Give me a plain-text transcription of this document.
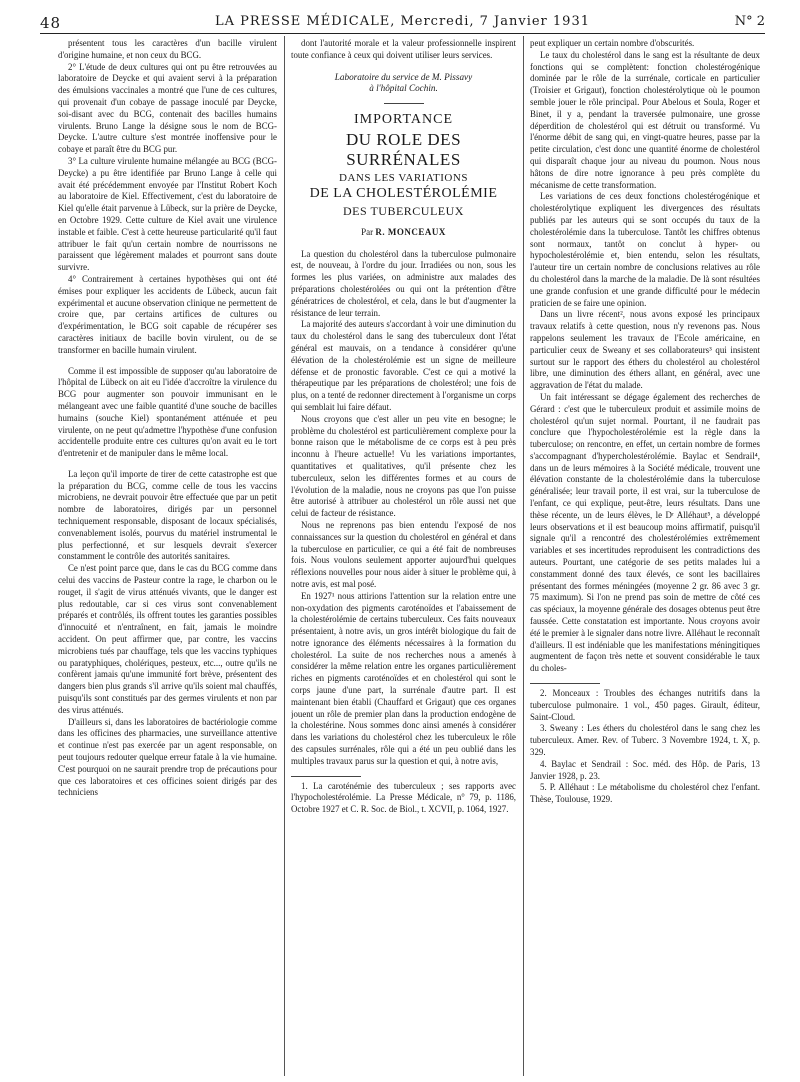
48	LA PRESSE MÉDICALE, Mercredi, 7 Janvier 1931	N° 2

présentent tous les caractères d'un bacille virulent d'origine humaine, et non ceux du BCG.

2° L'étude de deux cultures qui ont pu être retrouvées au laboratoire de Deycke et qui avaient servi à la préparation des émulsions vaccinales a montré que l'une de ces cultures, qui provenait d'un cobaye de passage inoculé par Deycke, soi-disant avec du BCG, contenait des bacilles humains virulents. Bruno Lange la désigne sous le nom de BCG-Deycke. L'autre culture s'est montrée inoffensive pour le cobaye et paraît être du BCG pur.

3° La culture virulente humaine mélangée au BCG (BCG-Deycke) a pu être identifiée par Bruno Lange à celle qui avait été précédemment envoyée par l'Institut Robert Koch au laboratoire de Kiel. Effectivement, c'est du laboratoire de Kiel qu'elle était parvenue à Lübeck, sur la prière de Deycke, en Octobre 1929. Cette culture de Kiel avait une virulence instable et faible. C'est à cette heureuse particularité qu'il faut attribuer le fait qu'un certain nombre de nourrissons ne paraissent que légèrement malades et pourront sans doute survivre.

4° Contrairement à certaines hypothèses qui ont été émises pour expliquer les accidents de Lübeck, aucun fait expérimental et aucune observation clinique ne permettent de croire que, par certains artifices de cultures ou d'expérimentation, le BCG soit capable de récupérer ses caractères initiaux de bacille bovin virulent, ou de se transformer en bacille humain virulent.

Comme il est impossible de supposer qu'au laboratoire de l'hôpital de Lübeck on ait eu l'idée d'accroître la virulence du BCG pour augmenter son pouvoir immunisant en le mélangeant avec une faible quantité d'une souche de bacilles humains (souche Kiel) spontanément atténuée et peu virulente, on ne peut qu'admettre l'hypothèse d'une confusion accidentelle produite entre ces cultures qu'on avait eu le tort d'entretenir et de manipuler dans le même local.

La leçon qu'il importe de tirer de cette catastrophe est que la préparation du BCG, comme celle de tous les vaccins microbiens, ne devrait pouvoir être effectuée que par un petit nombre de laboratoires, dirigés par un personnel techniquement responsable, disposant de locaux spécialisés, convenablement isolés, pourvus du matériel instrumental le plus perfectionné, et sur lesquels devrait s'exercer constamment le contrôle des autorités sanitaires.

Ce n'est point parce que, dans le cas du BCG comme dans celui des vaccins de Pasteur contre la rage, le charbon ou le rouget, il s'agit de virus atténués vivants, que le danger est plus redoutable, car si ces virus sont convenablement préparés et contrôlés, ils offrent toutes les garanties possibles d'innocuité et n'entraînent, en fait, jamais le moindre accident. On peut affirmer que, par contre, les vaccins microbiens tués par chauffage, tels que les vaccins typhiques ou paratyphiques, cholériques, pesteux, etc..., outre qu'ils ne confèrent jamais qu'une immunité fort brève, présentent des dangers bien plus grands s'il arrive qu'ils soient mal chauffés, puisqu'ils sont constitués par des germes virulents et non par des virus atténués.

D'ailleurs si, dans les laboratoires de bactériologie comme dans les officines des pharmacies, une surveillance attentive et continue n'est pas exercée par un agent responsable, on peut toujours redouter quelque erreur fatale à la vie humaine. C'est pourquoi on ne saurait prendre trop de précautions pour que ces laboratoires et ces officines soient dirigés par des techniciens

dont l'autorité morale et la valeur professionnelle inspirent toute confiance à ceux qui doivent utiliser leurs services.

Laboratoire du service de M. Pissavy
à l'hôpital Cochin.
IMPORTANCE
DU ROLE DES SURRÉNALES
DANS LES VARIATIONS
DE LA CHOLESTÉROLÉMIE
DES TUBERCULEUX
Par R. MONCEAUX

La question du cholestérol dans la tuberculose pulmonaire est, de nouveau, à l'ordre du jour. Irradiées ou non, sous les formes les plus variées, on administre aux malades des préparations cholestérolées ou qui ont la prétention d'être génératrices de cholestérol, et cela, dans le but d'augmenter la résistance de leur terrain.

La majorité des auteurs s'accordant à voir une diminution du taux du cholestérol dans le sang des tuberculeux dont l'état général est mauvais, on a tendance à considérer qu'une élévation de la cholestérolémie est un signe de meilleure défense et de pronostic favorable. C'est ce qui a motivé la thérapeutique par les préparations de cholestérol; une fois de plus, on a tenté de redonner directement à l'organisme un corps qui semblait lui faire défaut.

Nous croyons que c'est aller un peu vite en besogne; le problème du cholestérol est particulièrement complexe pour la bonne raison que le métabolisme de ce corps est à peu près inconnu à l'heure actuelle! Vu les variations importantes, quantitatives et qualitatives, qu'il présente chez les tuberculeux, selon les différentes formes et au cours de l'évolution de la maladie, nous ne croyons pas que l'on puisse être autorisé à attribuer au cholestérol un rôle aussi net que celui de facteur de résistance.

Nous ne reprenons pas bien entendu l'exposé de nos connaissances sur la question du cholestérol en général et dans la tuberculose en particulier, ce qui a été fait de nombreuses fois. Nous voulons seulement apporter aujourd'hui quelques réflexions nouvelles pour nous aider à situer le problème qui, à notre avis, est mal posé.

En 1927¹ nous attirions l'attention sur la relation entre une non-oxydation des pigments caroténoïdes et l'abaissement de la cholestérolémie de certains tuberculeux. Ces faits nouveaux présentaient, à notre avis, un gros intérêt biologique du fait de notre ignorance des éléments nécessaires à la formation du cholestérol. La suite de nos recherches nous a amenés à considérer la même relation entre les organes particulièrement riches en pigments caroténoïdes et en cholestérol qui sont le corps jaune d'une part, la surrénale d'autre part. Il est maintenant bien établi (Chauffard et Grigaut) que ces organes jouent un rôle de premier plan dans la production endogène de la cholestérine. Nous sommes donc ainsi amenés à considérer dans les variations du cholestérol chez les tuberculeux le rôle des capsules surrénales, rôle qui a été un peu oublié dans les multiples travaux parus sur la question et qui, à notre avis,

1. La caroténémie des tuberculeux ; ses rapports avec l'hypocholestérolémie. La Presse Médicale, n° 79, p. 1186, Octobre 1927 et C. R. Soc. de Biol., t. XCVII, p. 1064, 1927.

peut expliquer un certain nombre d'obscurités.

Le taux du cholestérol dans le sang est la résultante de deux fonctions qui se complètent: fonction cholestérogénique dominée par le rôle de la surrénale, corticale en particulier (Troisier et Grigaut), fonction cholestérolytique où le poumon semble jouer le rôle principal. Pour Abelous et Soula, Roger et Binet, il y a, pendant la traversée pulmonaire, une grosse déperdition de cholestérol qui est détruit ou transformé. Vu l'énorme débit de sang qui, en vingt-quatre heures, passe par la petite circulation, c'est donc une quantité énorme de cholestérol qui disparaît chaque jour au niveau du poumon. Nous nous hâtons de dire notre ignorance à peu près complète du mécanisme de cette transformation.

Les variations de ces deux fonctions cholestérogénique et cholestérolytique expliquent les divergences des résultats publiés par les auteurs qui se sont occupés du taux de la cholestérolémie dans la tuberculose. Tantôt les chiffres obtenus sont normaux, tantôt on conclut à hyper- ou hypocholestérolémie et, bien entendu, selon les résultats, l'auteur tire un certain nombre de conclusions relatives au rôle du cholestérol dans la marche de la maladie. De là sont résultées une grande confusion et une grande difficulté pour le médecin praticien de se faire une opinion.

Dans un livre récent², nous avons exposé les principaux travaux relatifs à cette question, nous n'y revenons pas. Nous rappelons seulement les travaux de l'Ecole américaine, en particulier ceux de Sweany et ses collaborateurs³ qui insistent surtout sur le rapport des éthers du cholestérol au cholestérol libre, une diminution des éthers allant, en général, avec une aggravation de l'état du malade.

Un fait intéressant se dégage également des recherches de Gérard : c'est que le tuberculeux produit et assimile moins de cholestérol qu'un sujet normal. Pourtant, il ne faudrait pas conclure que l'hypocholestérolémie est la règle dans la tuberculose; on rencontre, en effet, un certain nombre de formes s'accompagnant d'hypercholestérolémie. Baylac et Sendrail⁴, dans un de leurs mémoires à la Société médicale, trouvent une élévation constante de la cholestérolémie dans la tuberculose généralisée; leur travail porte, il est vrai, sur la tuberculose de l'enfant, ce qui explique, peut-être, leurs résultats. Dans une thèse récente, un de leurs élèves, le Dʳ Alléhaut⁵, a développé leurs observations et il est beaucoup moins affirmatif, puisqu'il signale qu'il a rencontré des cholestérolémies extrêmement variables et ses incertitudes reproduisent les contradictions des auteurs. Pourtant, une catégorie de ses petits malades lui a constamment donné des taux élevés, ce sont les bacillaires présentant des formes méningées (moyenne 2 gr. 86 avec 3 gr. 75 maximum). Si l'on ne prend pas soin de mettre de côté ces cas spéciaux, la moyenne générale des dosages obtenus peut être faussée. Cette constatation est importante. Nous croyons avoir été le premier à le signaler dans notre livre. Alléhaut le reconnaît d'ailleurs. Il est indéniable que les manifestations méningitiques augmentent de façon très nette et souvent considérable le taux du choles-

2. Monceaux : Troubles des échanges nutritifs dans la tuberculose pulmonaire. 1 vol., 450 pages. Girault, éditeur, Saint-Cloud.

3. Sweany : Les éthers du cholestérol dans le sang chez les tuberculeux. Amer. Rev. of Tuberc. 3 Novembre 1924, t. X, p. 329.

4. Baylac et Sendrail : Soc. méd. des Hôp. de Paris, 13 Janvier 1928, p. 23.

5. P. Alléhaut : Le métabolisme du cholestérol chez l'enfant. Thèse, Toulouse, 1929.
